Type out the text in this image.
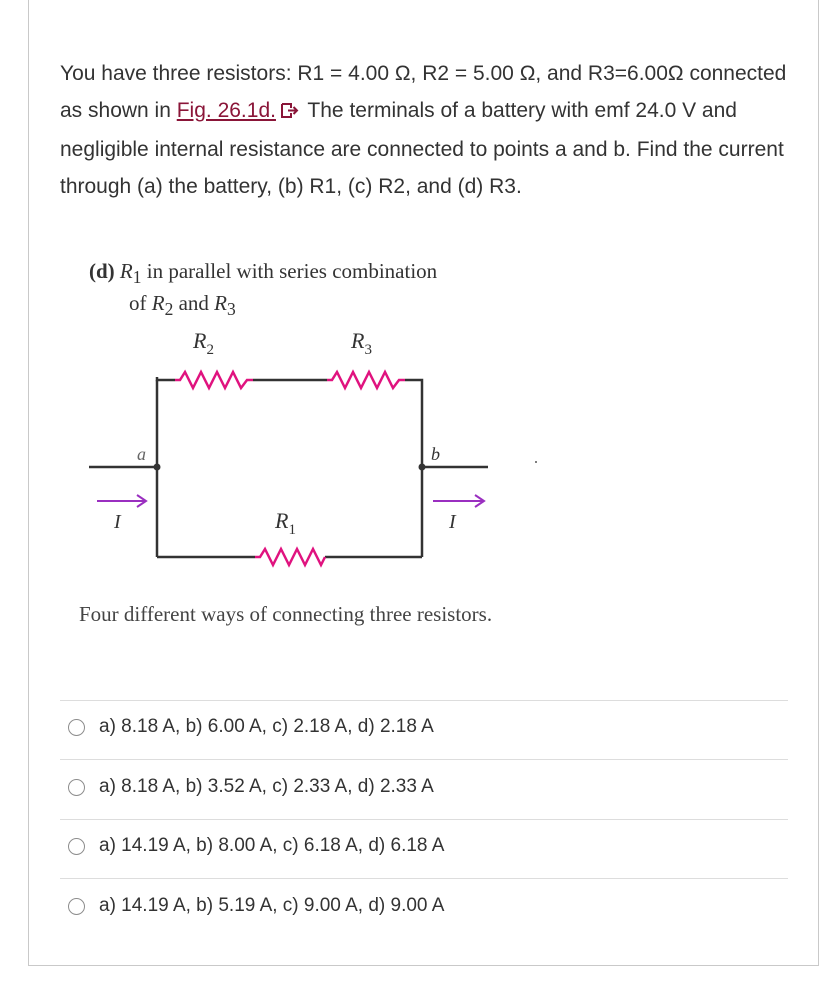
You have three resistors: R1 = 4.00 Ω, R2 = 5.00 Ω, and R3=6.00Ω connected as shown in Fig. 26.1d. The terminals of a battery with emf 24.0 V and negligible internal resistance are connected to points a and b. Find the current through (a) the battery, (b) R1, (c) R2, and (d) R3.
(d) $R_1$ in parallel with series combination
of $R_2$ and $R_3$
$R_2$	$R_3$
$R_1$
a	b
I	I
Four different ways of connecting three resistors.
a) 8.18 A, b) 6.00 A, c) 2.18 A, d) 2.18 A
a) 8.18 A, b) 3.52 A, c) 2.33 A, d) 2.33 A
a) 14.19 A, b) 8.00 A, c) 6.18 A, d) 6.18 A
a) 14.19 A, b) 5.19 A, c) 9.00 A, d) 9.00 A
